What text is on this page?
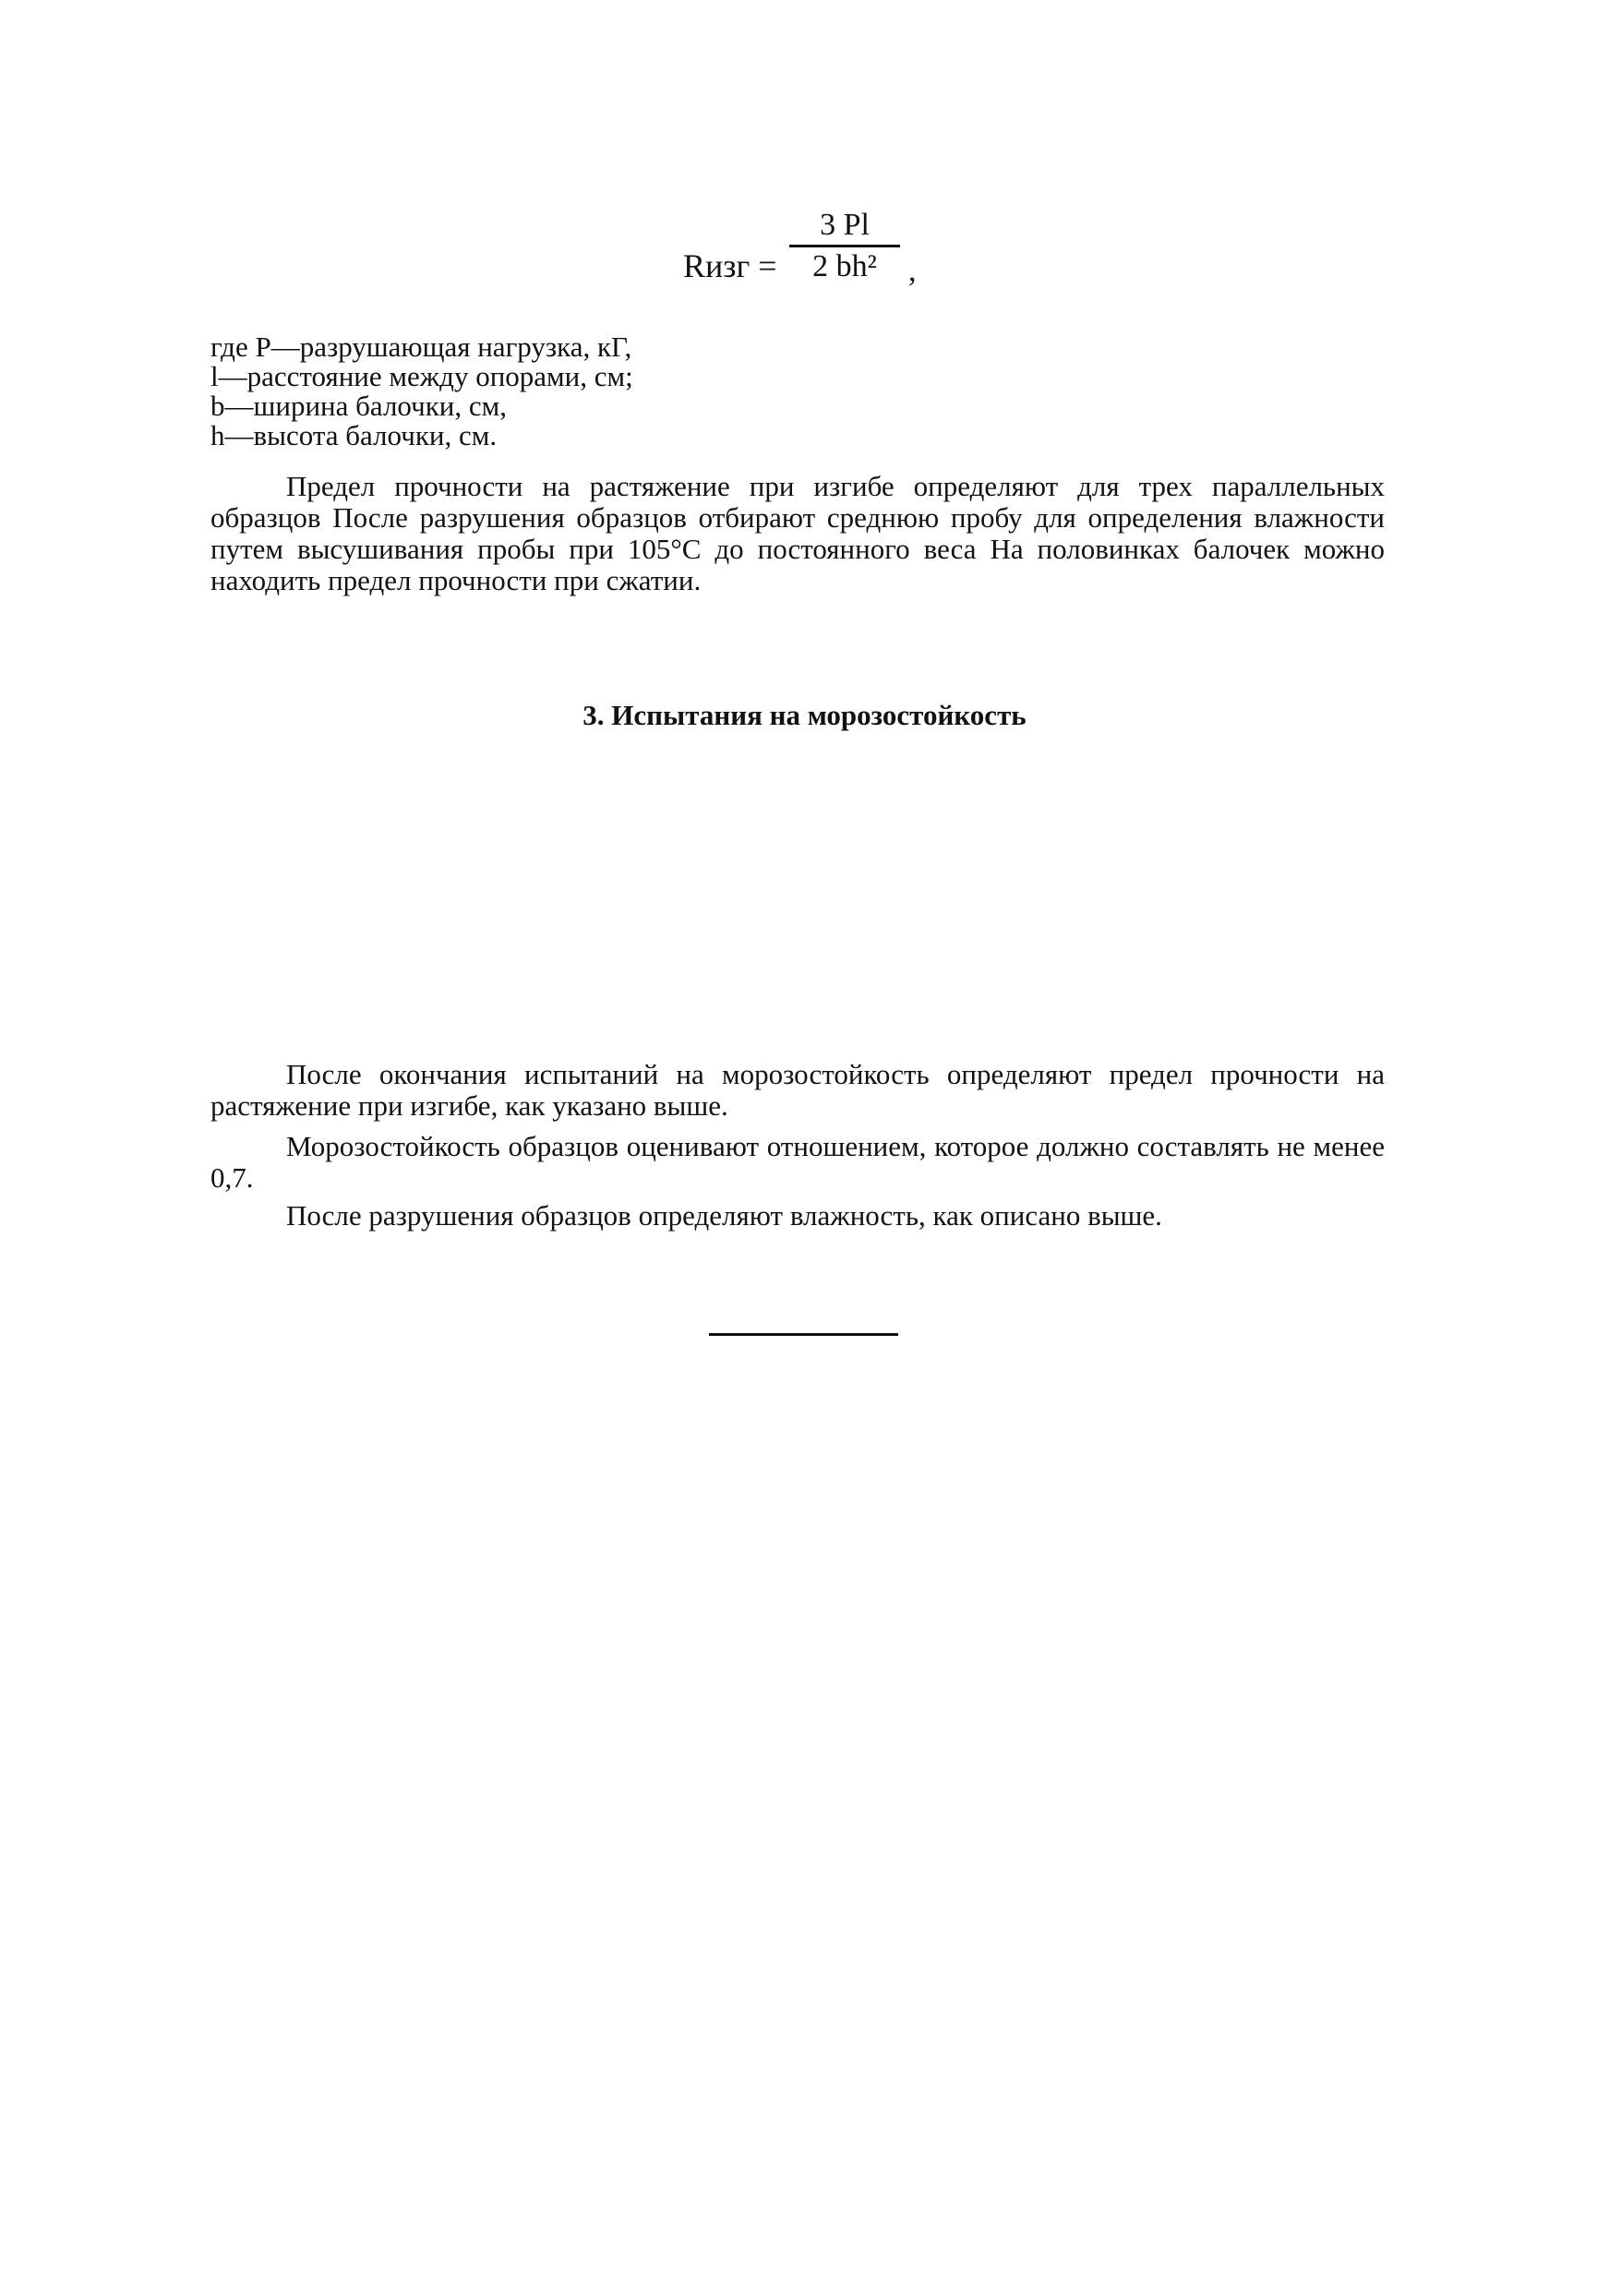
Rизг =
3 Pl
2 bh²	,
где P—разрушающая нагрузка, кГ,
l—расстояние между опорами, см;
b—ширина балочки, см,
h—высота балочки, см.

Предел прочности на растяжение при изгибе определяют для трех параллельных образцов После разрушения образцов отбирают среднюю пробу для определения влажности путем высушивания пробы при 105°С до постоянного веса На половинках балочек можно находить предел прочности при сжатии.

3. Испытания на морозостойкость

После окончания испытаний на морозостойкость определяют предел прочности на растяжение при изгибе, как указано выше.

Морозостойкость образцов оценивают отношением, которое должно составлять не менее 0,7.

После разрушения образцов определяют влажность, как описано выше.
